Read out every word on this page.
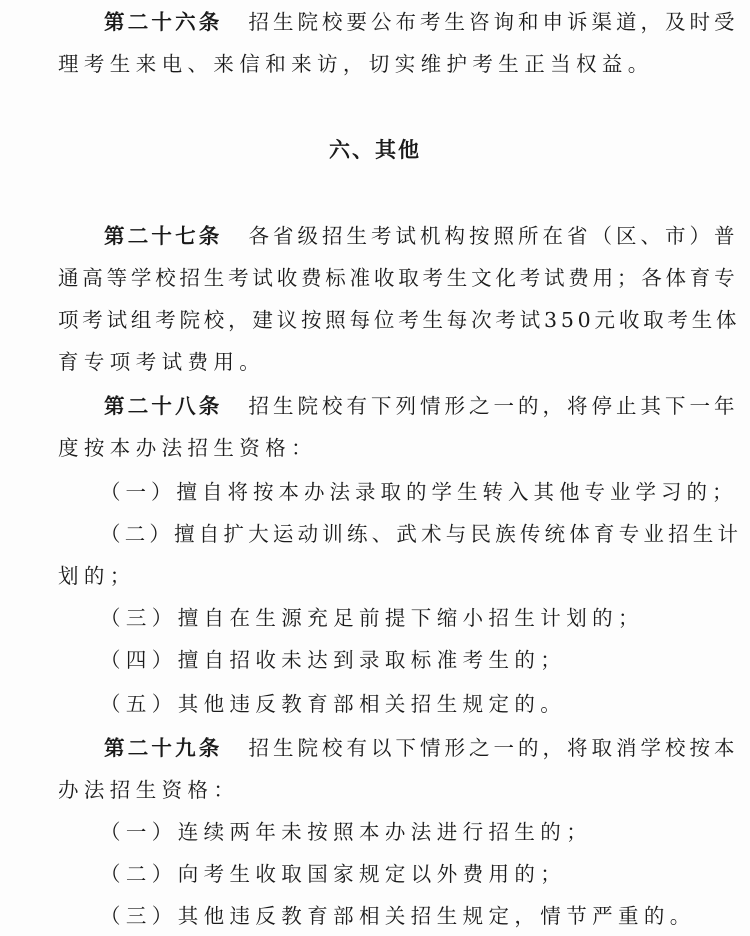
第二十六条 招生院校要公布考生咨询和申诉渠道，及时受
理考生来电、来信和来访，切实维护考生正当权益。
六、其他
第二十七条 各省级招生考试机构按照所在省（区、市）普
通高等学校招生考试收费标准收取考生文化考试费用；各体育专
项考试组考院校，建议按照每位考生每次考试350元收取考生体
育专项考试费用。
第二十八条 招生院校有下列情形之一的，将停止其下一年
度按本办法招生资格：
（一）擅自将按本办法录取的学生转入其他专业学习的；
（二）擅自扩大运动训练、武术与民族传统体育专业招生计
划的；
（三）擅自在生源充足前提下缩小招生计划的；
（四）擅自招收未达到录取标准考生的；
（五）其他违反教育部相关招生规定的。
第二十九条 招生院校有以下情形之一的，将取消学校按本
办法招生资格：
（一）连续两年未按照本办法进行招生的；
（二）向考生收取国家规定以外费用的；
（三）其他违反教育部相关招生规定，情节严重的。
